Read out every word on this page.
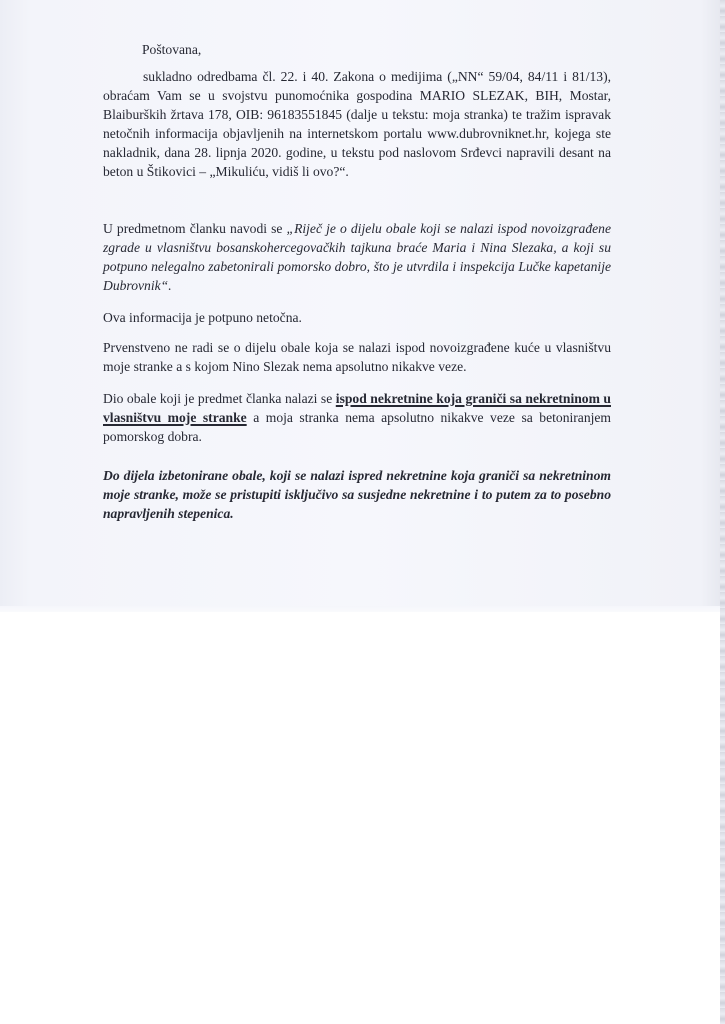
Poštovana,
sukladno odredbama čl. 22. i 40. Zakona o medijima („NN“ 59/04, 84/11 i 81/13), obraćam Vam se u svojstvu punomoćnika gospodina MARIO SLEZAK, BIH, Mostar, Blaiburških žrtava 178, OIB: 96183551845 (dalje u tekstu: moja stranka) te tražim ispravak netočnih informacija objavljenih na internetskom portalu www.dubrovniknet.hr, kojega ste nakladnik, dana 28. lipnja 2020. godine, u tekstu pod naslovom Srđevci napravili desant na beton u Štikovici – „Mikuliću, vidiš li ovo?“.
U predmetnom članku navodi se „Riječ je o dijelu obale koji se nalazi ispod novoizgrađene zgrade u vlasništvu bosanskohercegovačkih tajkuna braće Maria i Nina Slezaka, a koji su potpuno nelegalno zabetonirali pomorsko dobro, što je utvrdila i inspekcija Lučke kapetanije Dubrovnik“.
Ova informacija je potpuno netočna.
Prvenstveno ne radi se o dijelu obale koja se nalazi ispod novoizgrađene kuće u vlasništvu moje stranke a s kojom Nino Slezak nema apsolutno nikakve veze.
Dio obale koji je predmet članka nalazi se ispod nekretnine koja graniči sa nekretninom u vlasništvu moje stranke a moja stranka nema apsolutno nikakve veze sa betoniranjem pomorskog dobra.
Do dijela izbetonirane obale, koji se nalazi ispred nekretnine koja graniči sa nekretninom moje stranke, može se pristupiti isključivo sa susjedne nekretnine i to putem za to posebno napravljenih stepenica.
